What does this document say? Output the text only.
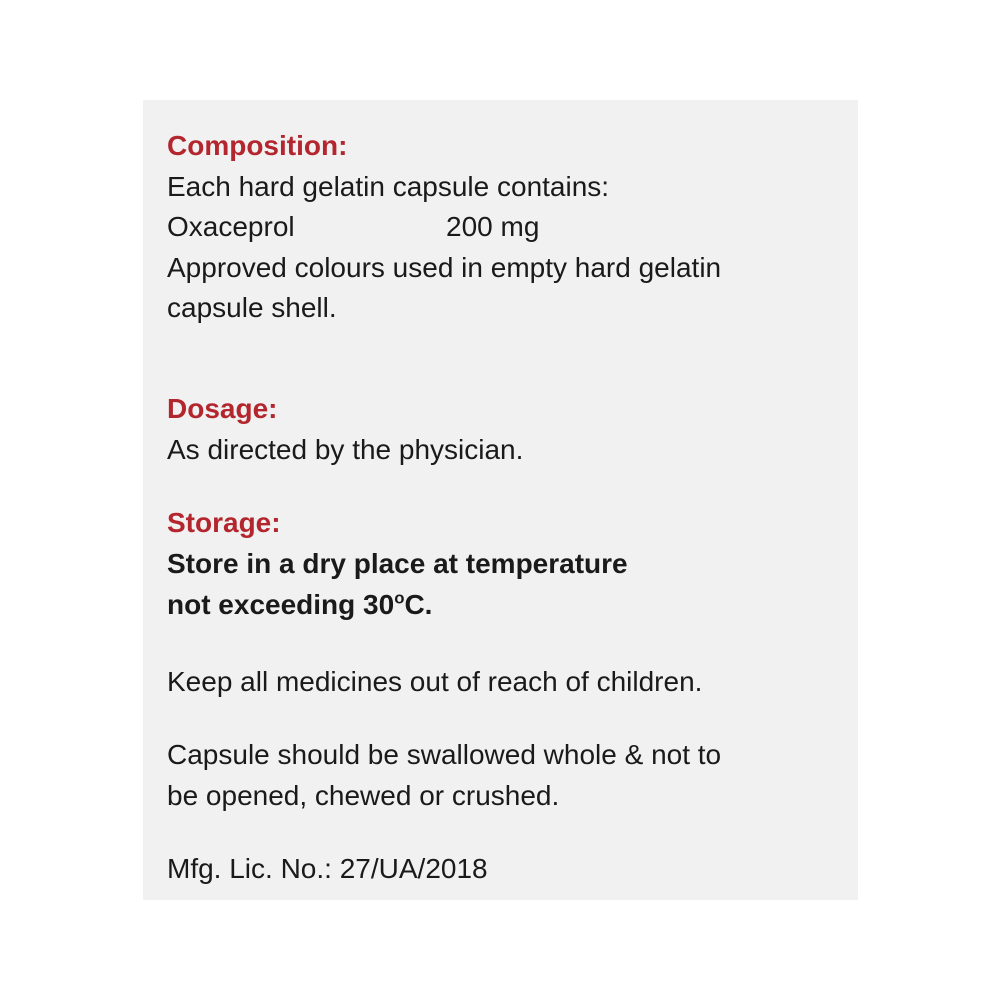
Composition:
Each hard gelatin capsule contains:
Oxaceprol	200 mg
Approved colours used in empty hard gelatin
capsule shell.
Dosage:
As directed by the physician.
Storage:
Store in a dry place at temperature
not exceeding 30$^o$C.
Keep all medicines out of reach of children.
Capsule should be swallowed whole & not to
be opened, chewed or crushed.
Mfg. Lic. No.: 27/UA/2018
